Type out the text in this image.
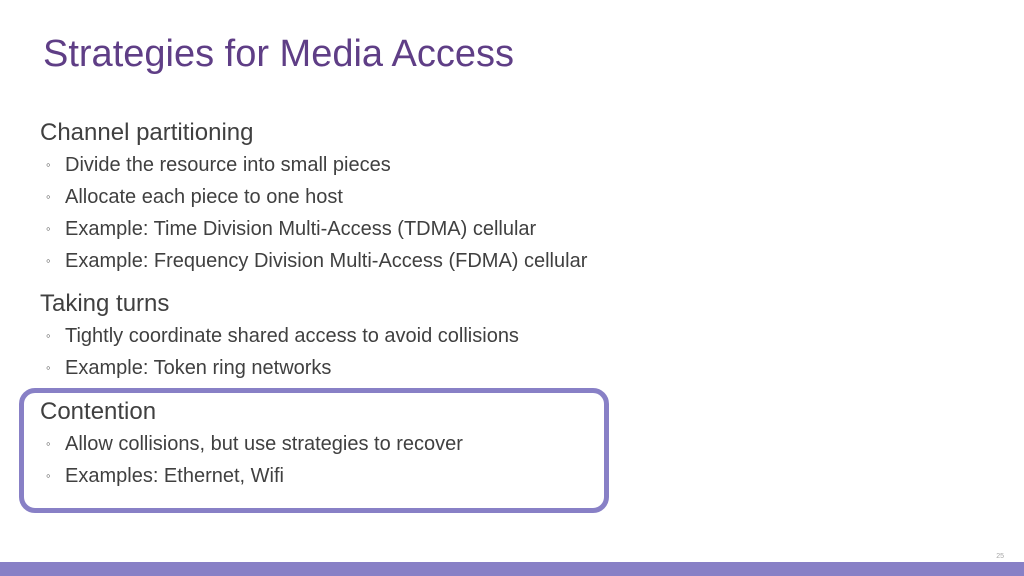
Strategies for Media Access
Channel partitioning
◦ Divide the resource into small pieces
◦ Allocate each piece to one host
◦ Example: Time Division Multi-Access (TDMA) cellular
◦ Example: Frequency Division Multi-Access (FDMA) cellular
Taking turns
◦ Tightly coordinate shared access to avoid collisions
◦ Example: Token ring networks
Contention
◦ Allow collisions, but use strategies to recover
◦ Examples: Ethernet, Wifi
25
